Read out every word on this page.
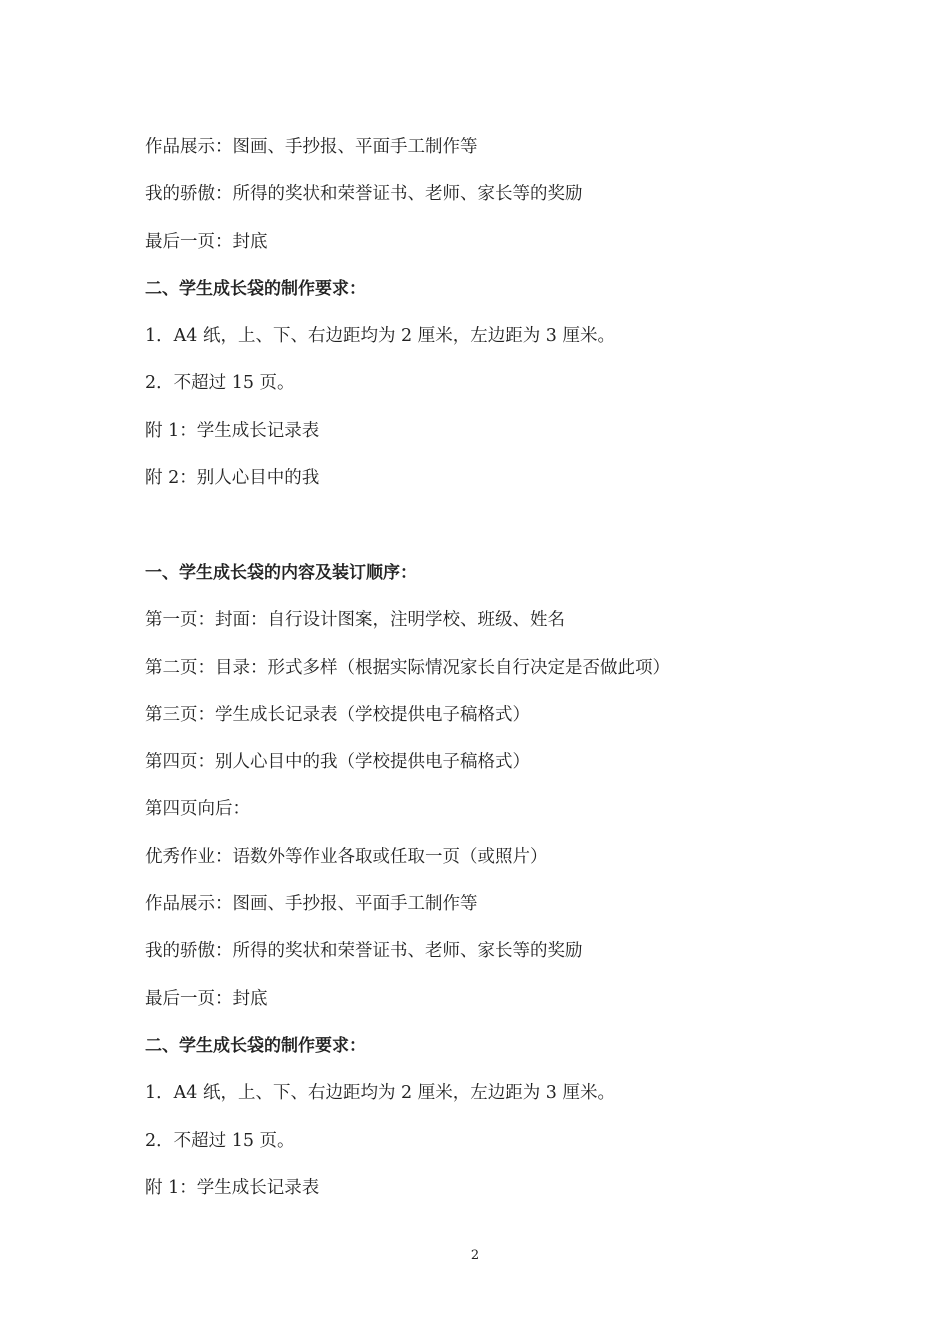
作品展示：图画、手抄报、平面手工制作等

我的骄傲：所得的奖状和荣誉证书、老师、家长等的奖励

最后一页：封底

二、学生成长袋的制作要求：

1．A4 纸，上、下、右边距均为 2 厘米，左边距为 3 厘米。

2．不超过 15 页。

附 1：学生成长记录表

附 2：别人心目中的我

一、学生成长袋的内容及装订顺序：

第一页：封面：自行设计图案，注明学校、班级、姓名

第二页：目录：形式多样（根据实际情况家长自行决定是否做此项）

第三页：学生成长记录表（学校提供电子稿格式）

第四页：别人心目中的我（学校提供电子稿格式）

第四页向后：

优秀作业：语数外等作业各取或任取一页（或照片）

作品展示：图画、手抄报、平面手工制作等

我的骄傲：所得的奖状和荣誉证书、老师、家长等的奖励

最后一页：封底

二、学生成长袋的制作要求：

1．A4 纸，上、下、右边距均为 2 厘米，左边距为 3 厘米。

2．不超过 15 页。

附 1：学生成长记录表

2
